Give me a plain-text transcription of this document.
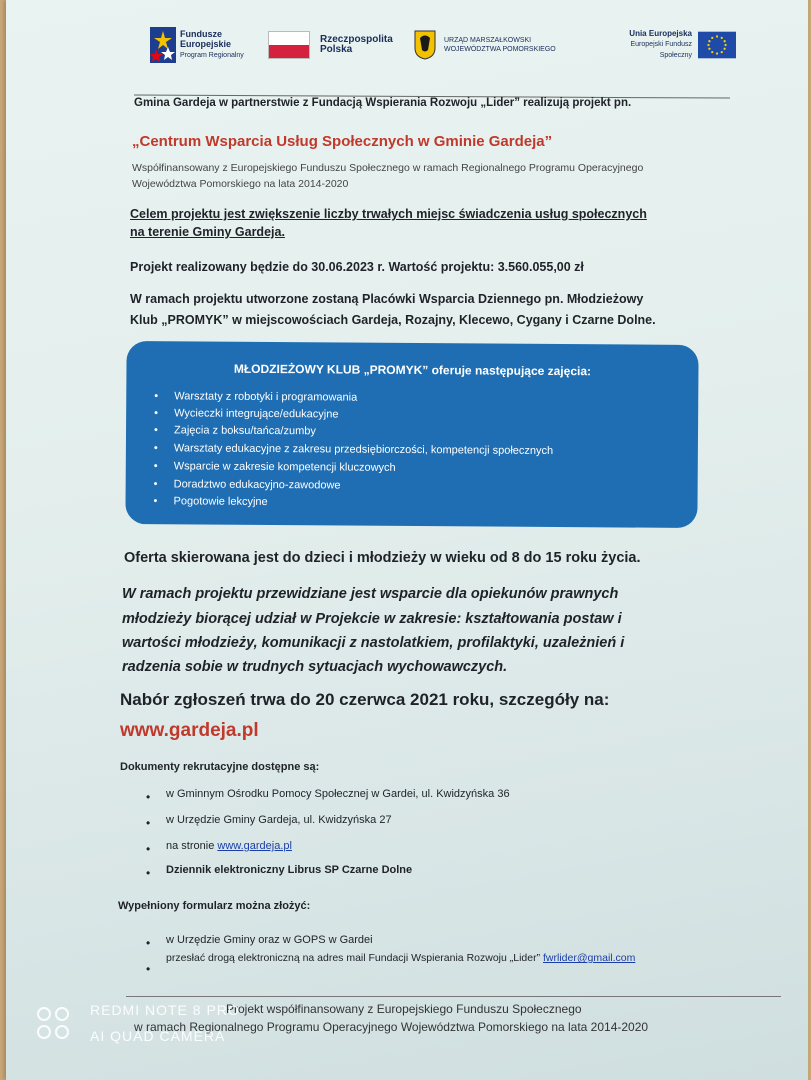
Fundusze
Europejskie
Program Regionalny
Rzeczpospolita
Polska
URZĄD MARSZAŁKOWSKI
WOJEWÓDZTWA POMORSKIEGO
Unia Europejska
Europejski Fundusz Społeczny
Gmina Gardeja w partnerstwie z Fundacją Wspierania Rozwoju „Lider” realizują projekt pn.
„Centrum Wsparcia Usług Społecznych w Gminie Gardeja”
Współfinansowany z Europejskiego Funduszu Społecznego w ramach Regionalnego Programu Operacyjnego
Województwa Pomorskiego na lata 2014-2020
Celem projektu jest zwiększenie liczby trwałych miejsc świadczenia usług społecznych
na terenie Gminy Gardeja.
Projekt realizowany będzie do 30.06.2023 r. Wartość projektu: 3.560.055,00 zł
W ramach projektu utworzone zostaną Placówki Wsparcia Dziennego pn. Młodzieżowy
Klub „PROMYK” w miejscowościach Gardeja, Rozajny, Klecewo, Cygany i Czarne Dolne.
MŁODZIEŻOWY KLUB „PROMYK” oferuje następujące zajęcia:
• Warsztaty z robotyki i programowania
• Wycieczki integrujące/edukacyjne
• Zajęcia z boksu/tańca/zumby
• Warsztaty edukacyjne z zakresu przedsiębiorczości, kompetencji społecznych
• Wsparcie w zakresie kompetencji kluczowych
• Doradztwo edukacyjno-zawodowe
• Pogotowie lekcyjne
Oferta skierowana jest do dzieci i młodzieży w wieku od 8 do 15 roku życia.
W ramach projektu przewidziane jest wsparcie dla opiekunów prawnych
młodzieży biorącej udział w Projekcie w zakresie: kształtowania postaw i
wartości młodzieży, komunikacji z nastolatkiem, profilaktyki, uzależnień i
radzenia sobie w trudnych sytuacjach wychowawczych.
Nabór zgłoszeń trwa do 20 czerwca 2021 roku, szczegóły na:
www.gardeja.pl
Dokumenty rekrutacyjne dostępne są:
• w Gminnym Ośrodku Pomocy Społecznej w Gardei, ul. Kwidzyńska 36
• w Urzędzie Gminy Gardeja, ul. Kwidzyńska 27
• na stronie www.gardeja.pl
• Dziennik elektroniczny Librus SP Czarne Dolne
Wypełniony formularz można złożyć:
• w Urzędzie Gminy oraz w GOPS w Gardei
•
przesłać drogą elektroniczną na adres mail Fundacji Wspierania Rozwoju „Lider” fwrlider@gmail.com
Projekt współfinansowany z Europejskiego Funduszu Społecznego
w ramach Regionalnego Programu Operacyjnego Województwa Pomorskiego na lata 2014-2020
REDMI NOTE 8 PRO
AI QUAD CAMERA
